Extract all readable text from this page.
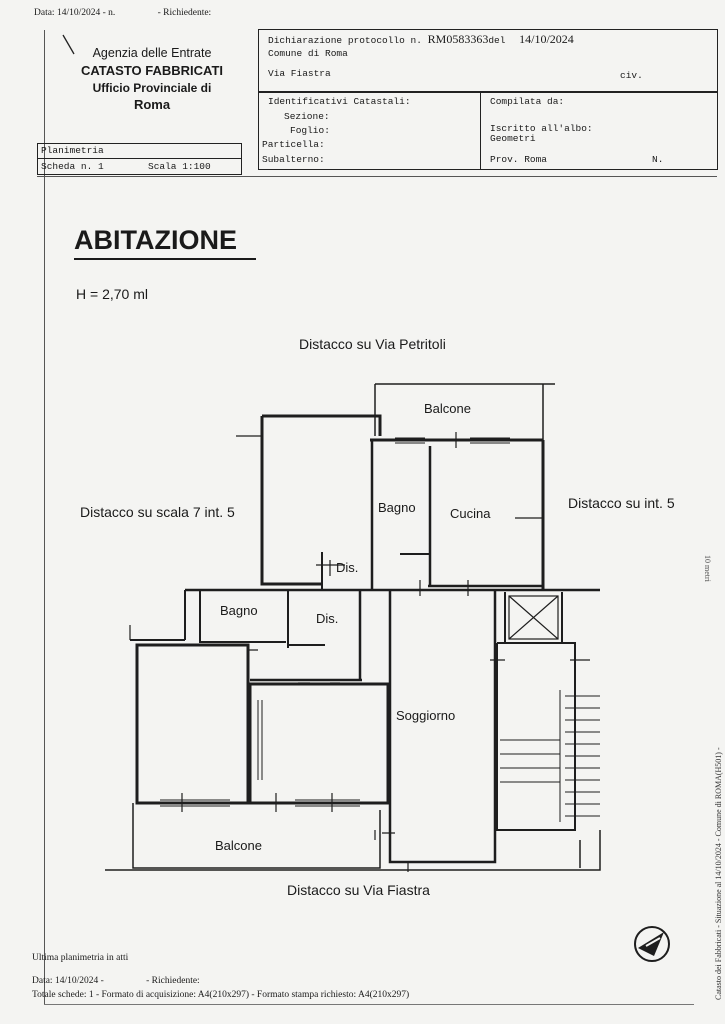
Data: 14/10/2024 - n.	- Richiedente:
Agenzia delle Entrate
CATASTO FABBRICATI
Ufficio Provinciale di
Roma
Dichiarazione protocollo n. RM0583363del 14/10/2024
Comune di Roma
Via Fiastra	civ.
Identificativi Catastali:
Sezione:
Foglio:
Particella:
Subalterno:
Compilata da:
Iscritto all'albo:
Geometri
Prov. Roma	N.
Planimetria
Scheda n. 1	Scala 1:100
ABITAZIONE
H = 2,70 ml
Distacco su Via Petritoli
Distacco su scala 7 int. 5
Distacco su int. 5
Distacco su Via Fiastra
Balcone
Bagno	Cucina
Dis.
Bagno
Dis.
Soggiorno
Balcone
10 metri
Catasto dei Fabbricati - Situazione al 14/10/2024 - Comune di ROMA(H501) -
Ultima planimetria in atti
Data: 14/10/2024 -	- Richiedente:
Totale schede: 1 - Formato di acquisizione: A4(210x297) - Formato stampa richiesto: A4(210x297)
